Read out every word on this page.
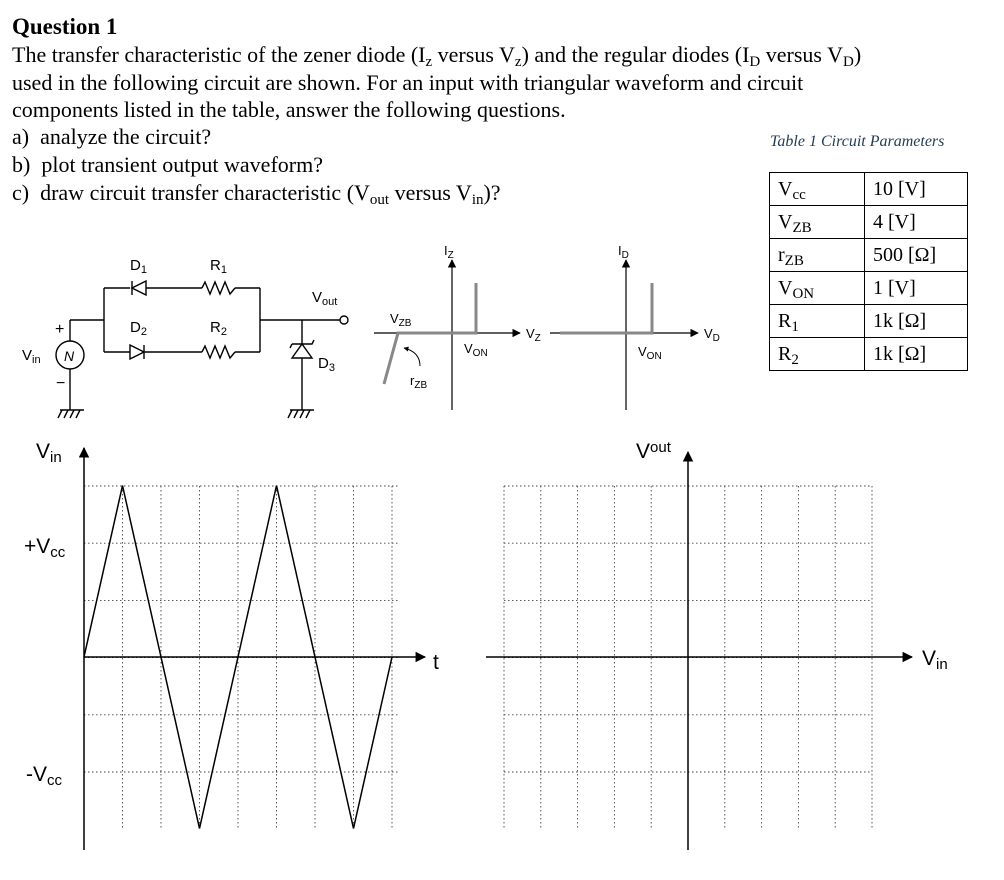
Question 1
The transfer characteristic of the zener diode ($I_z$ versus $V_z$) and the regular diodes ($I_D$ versus $V_D$)
used in the following circuit are shown. For an input with triangular waveform and circuit
components listed in the table, answer the following questions.
a) analyze the circuit?
b) plot transient output waveform?
c) draw circuit transfer characteristic ($V_{out}$ versus $V_{in}$)?
Table 1 Circuit Parameters
$V_{cc}$	10 [V]
$V_{ZB}$	4 [V]
$r_{ZB}$	500 [Ω]
$V_{ON}$	1 [V]
$R_1$	1k [Ω]
$R_2$	1k [Ω]
$D_1$	$R_1$
$D_2$	$R_2$
$D_3$
$V_{out}$
$V_{in}$
+
−
N
$I_Z$
$V_{ZB}$
$r_{ZB}$
$V_{ON}$
$V_Z$
$I_D$
$V_{ON}$
$V_D$
Vin
+Vcc
-Vcc
t
$V^{out}$
Vin
